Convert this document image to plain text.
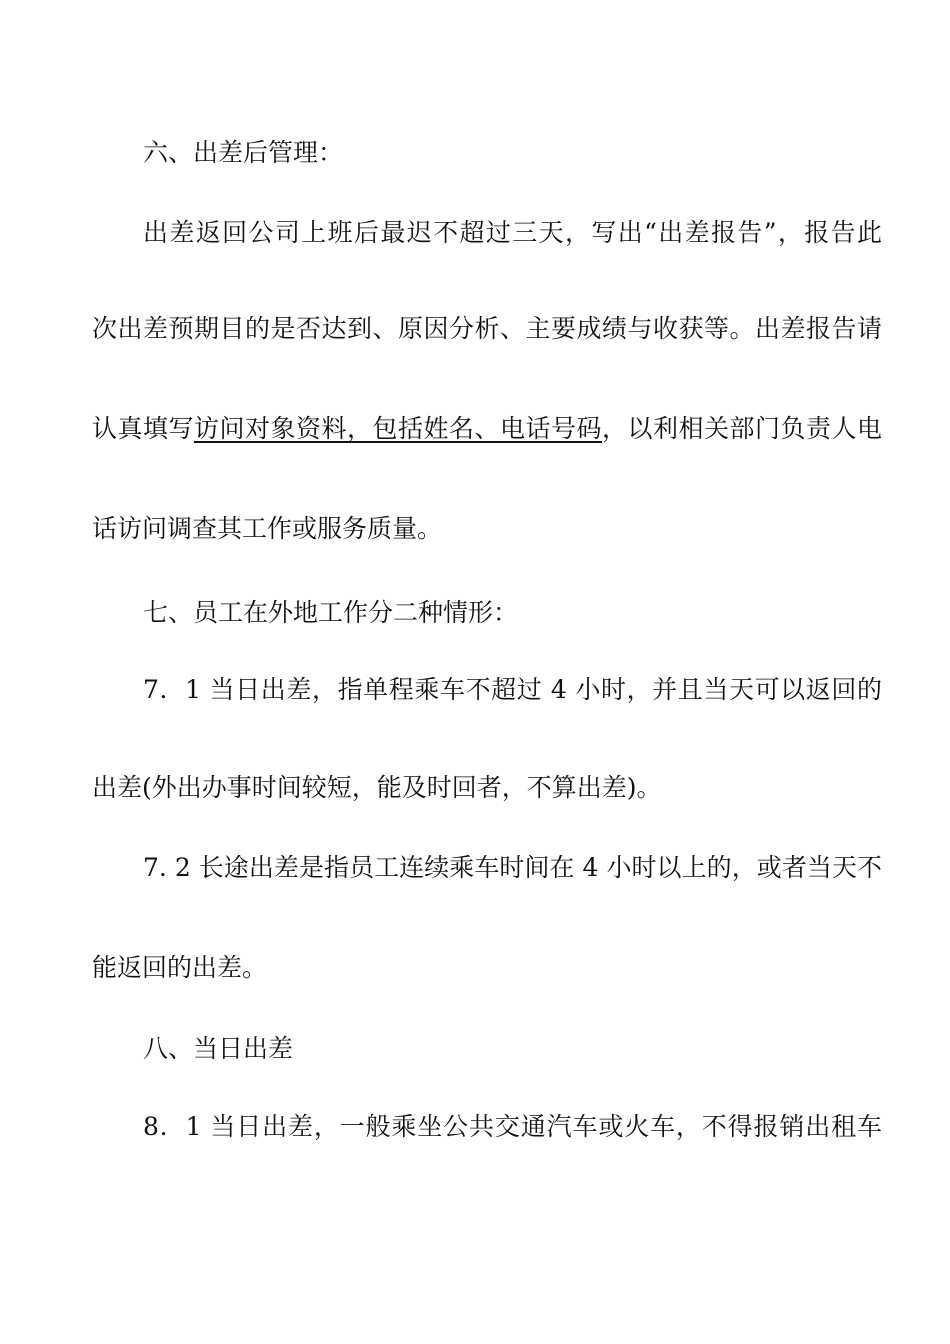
六、出差后管理：
出差返回公司上班后最迟不超过三天，写出“出差报告”，报告此
次出差预期目的是否达到、原因分析、主要成绩与收获等。出差报告请
认真填写访问对象资料，包括姓名、电话号码，以利相关部门负责人电
话访问调查其工作或服务质量。
七、员工在外地工作分二种情形：
7．1 当日出差，指单程乘车不超过 4 小时，并且当天可以返回的
出差(外出办事时间较短，能及时回者，不算出差)。
7. 2 长途出差是指员工连续乘车时间在 4 小时以上的，或者当天不
能返回的出差。
八、当日出差
8．1 当日出差，一般乘坐公共交通汽车或火车，不得报销出租车
